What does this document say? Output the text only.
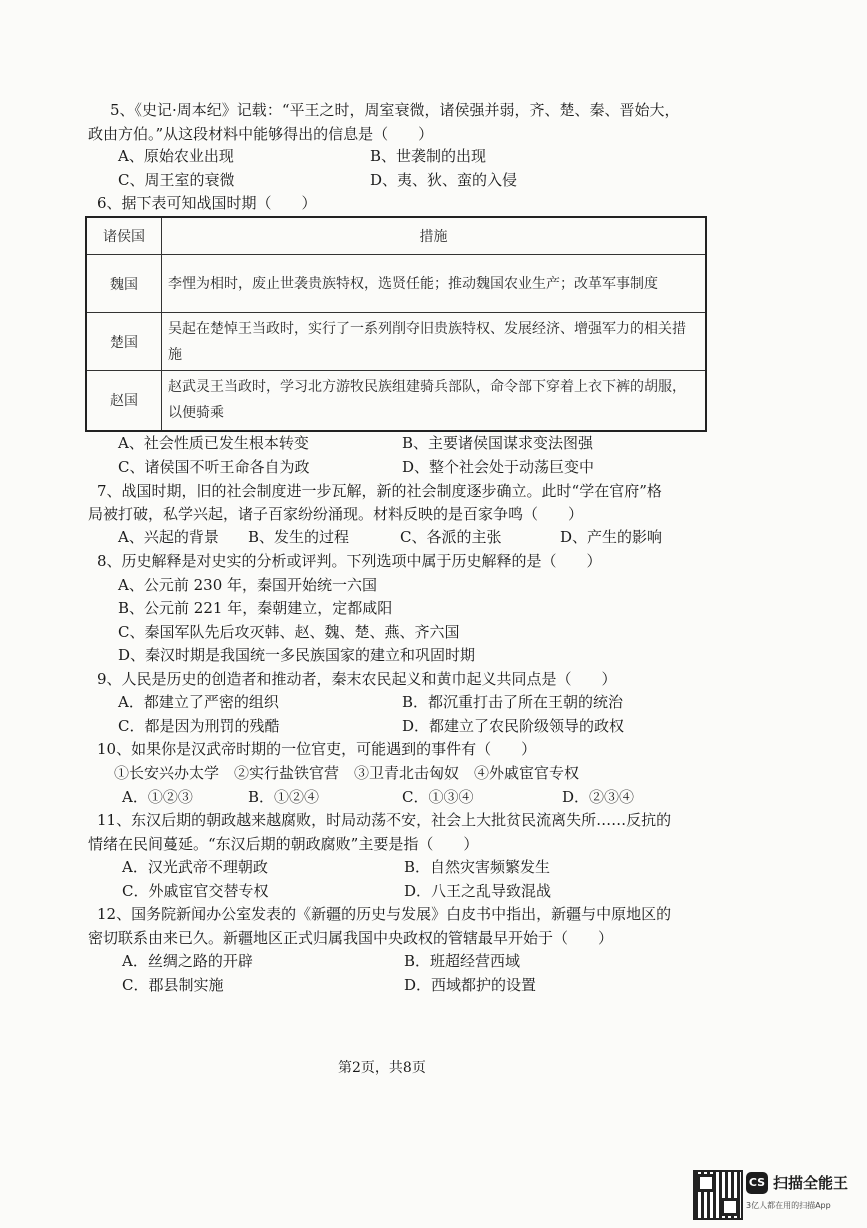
5、《史记·周本纪》记载：“平王之时，周室衰微，诸侯强并弱，齐、楚、秦、晋始大，
政由方伯。”从这段材料中能够得出的信息是（　　）
A、原始农业出现	B、世袭制的出现
C、周王室的衰微	D、夷、狄、蛮的入侵
6、据下表可知战国时期（　　）
诸侯国	措施
魏国	李悝为相时，废止世袭贵族特权，选贤任能；推动魏国农业生产；改革军事制度
楚国	吴起在楚悼王当政时，实行了一系列削夺旧贵族特权、发展经济、增强军力的相关措施
赵国	赵武灵王当政时，学习北方游牧民族组建骑兵部队，命令部下穿着上衣下裤的胡服，以便骑乘
A、社会性质已发生根本转变	B、主要诸侯国谋求变法图强
C、诸侯国不听王命各自为政	D、整个社会处于动荡巨变中
7、战国时期，旧的社会制度进一步瓦解，新的社会制度逐步确立。此时“学在官府”格
局被打破，私学兴起，诸子百家纷纷涌现。材料反映的是百家争鸣（　　）
A、兴起的背景 B、发生的过程	C、各派的主张	D、产生的影响
8、历史解释是对史实的分析或评判。下列选项中属于历史解释的是（　　）
A、公元前 230 年，秦国开始统一六国
B、公元前 221 年，秦朝建立，定都咸阳
C、秦国军队先后攻灭韩、赵、魏、楚、燕、齐六国
D、秦汉时期是我国统一多民族国家的建立和巩固时期
9、人民是历史的创造者和推动者，秦末农民起义和黄巾起义共同点是（　　）
A．都建立了严密的组织	B．都沉重打击了所在王朝的统治
C．都是因为刑罚的残酷	D．都建立了农民阶级领导的政权
10、如果你是汉武帝时期的一位官吏，可能遇到的事件有（　　）
①长安兴办太学　②实行盐铁官营　③卫青北击匈奴　④外戚宦官专权
A．①②③	B．①②④	C．①③④	D．②③④
11、东汉后期的朝政越来越腐败，时局动荡不安，社会上大批贫民流离失所……反抗的
情绪在民间蔓延。“东汉后期的朝政腐败”主要是指（　　）
A．汉光武帝不理朝政	B．自然灾害频繁发生
C．外戚宦官交替专权	D．八王之乱导致混战
12、国务院新闻办公室发表的《新疆的历史与发展》白皮书中指出，新疆与中原地区的
密切联系由来已久。新疆地区正式归属我国中央政权的管辖最早开始于（　　）
A．丝绸之路的开辟	B．班超经营西域
C．郡县制实施	D．西域都护的设置
第2页，共8页
CS 扫描全能王
3亿人都在用的扫描App
